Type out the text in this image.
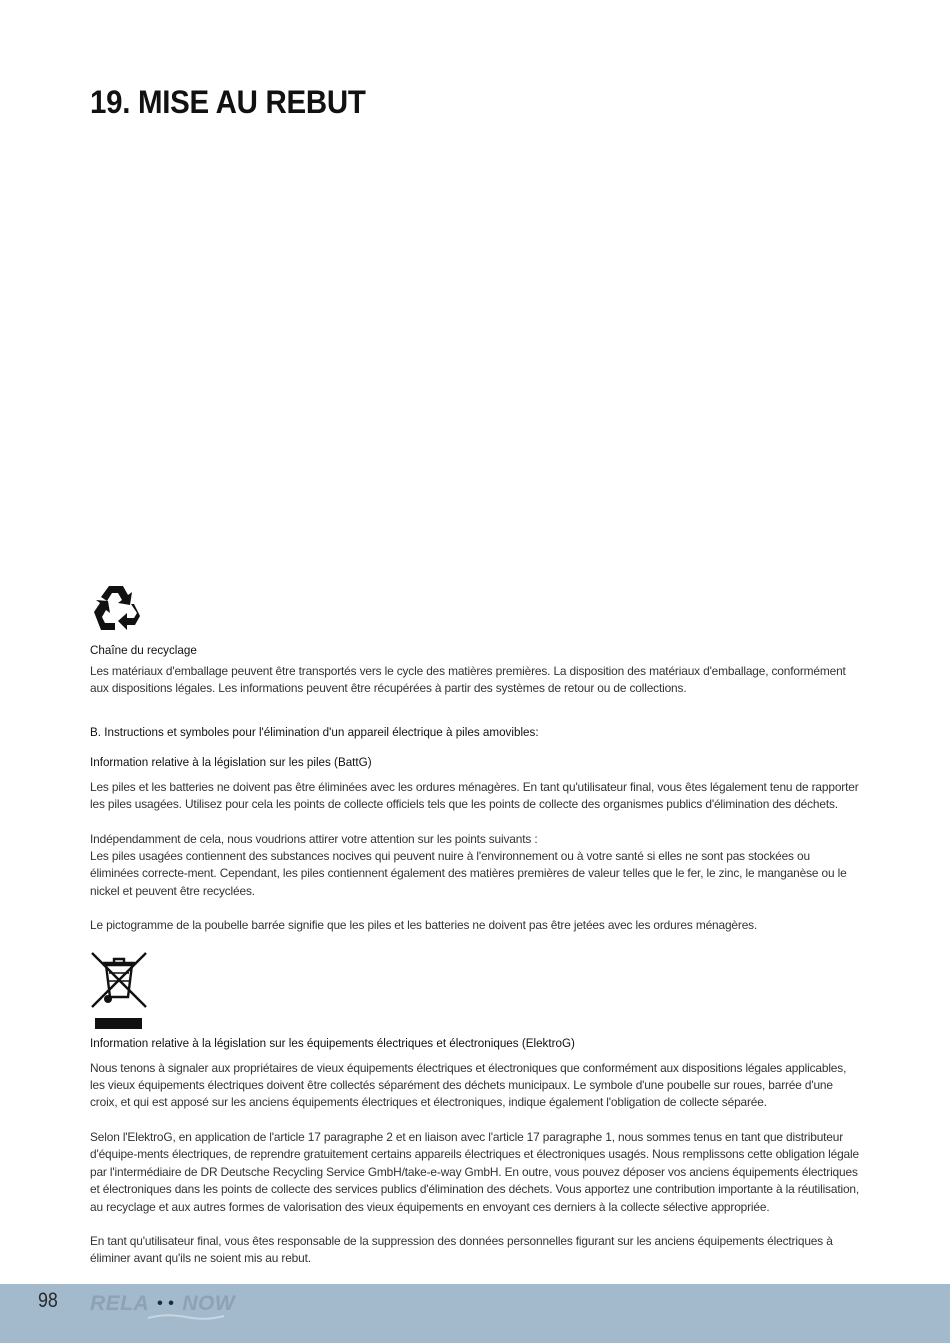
19. MISE AU REBUT

Chaîne du recyclage

Les matériaux d'emballage peuvent être transportés vers le cycle des matières premières. La disposition des matériaux d'emballage, conformément aux dispositions légales. Les informations peuvent être récupérées à partir des systèmes de retour ou de collections.

B. Instructions et symboles pour l'élimination d'un appareil électrique à piles amovibles:

Information relative à la législation sur les piles (BattG)

Les piles et les batteries ne doivent pas être éliminées avec les ordures ménagères. En tant qu'utilisateur final, vous êtes légalement tenu de rapporter les piles usagées. Utilisez pour cela les points de collecte officiels tels que les points de collecte des organismes publics d'élimination des déchets.

Indépendamment de cela, nous voudrions attirer votre attention sur les points suivants :

Les piles usagées contiennent des substances nocives qui peuvent nuire à l'environnement ou à votre santé si elles ne sont pas stockées ou éliminées correcte-ment. Cependant, les piles contiennent également des matières premières de valeur telles que le fer, le zinc, le manganèse ou le nickel et peuvent être recyclées.

Le pictogramme de la poubelle barrée signifie que les piles et les batteries ne doivent pas être jetées avec les ordures ménagères.

Information relative à la législation sur les équipements électriques et électroniques (ElektroG)

Nous tenons à signaler aux propriétaires de vieux équipements électriques et électroniques que conformément aux dispositions légales applicables, les vieux équipements électriques doivent être collectés séparément des déchets municipaux. Le symbole d'une poubelle sur roues, barrée d'une croix, et qui est apposé sur les anciens équipements électriques et électroniques, indique également l'obligation de collecte séparée.

Selon l'ElektroG, en application de l'article 17 paragraphe 2 et en liaison avec l'article 17 paragraphe 1, nous sommes tenus en tant que distributeur d'équipe-ments électriques, de reprendre gratuitement certains appareils électriques et électroniques usagés. Nous remplissons cette obligation légale par l'intermédiaire de DR Deutsche Recycling Service GmbH/take-e-way GmbH. En outre, vous pouvez déposer vos anciens équipements électriques et électroniques dans les points de collecte des services publics d'élimination des déchets. Vous apportez une contribution importante à la réutilisation, au recyclage et aux autres formes de valorisation des vieux équipements en envoyant ces derniers à la collecte sélective appropriée.

En tant qu'utilisateur final, vous êtes responsable de la suppression des données personnelles figurant sur les anciens équipements électriques à éliminer avant qu'ils ne soient mis au rebut.

98 RELA • • NOW
